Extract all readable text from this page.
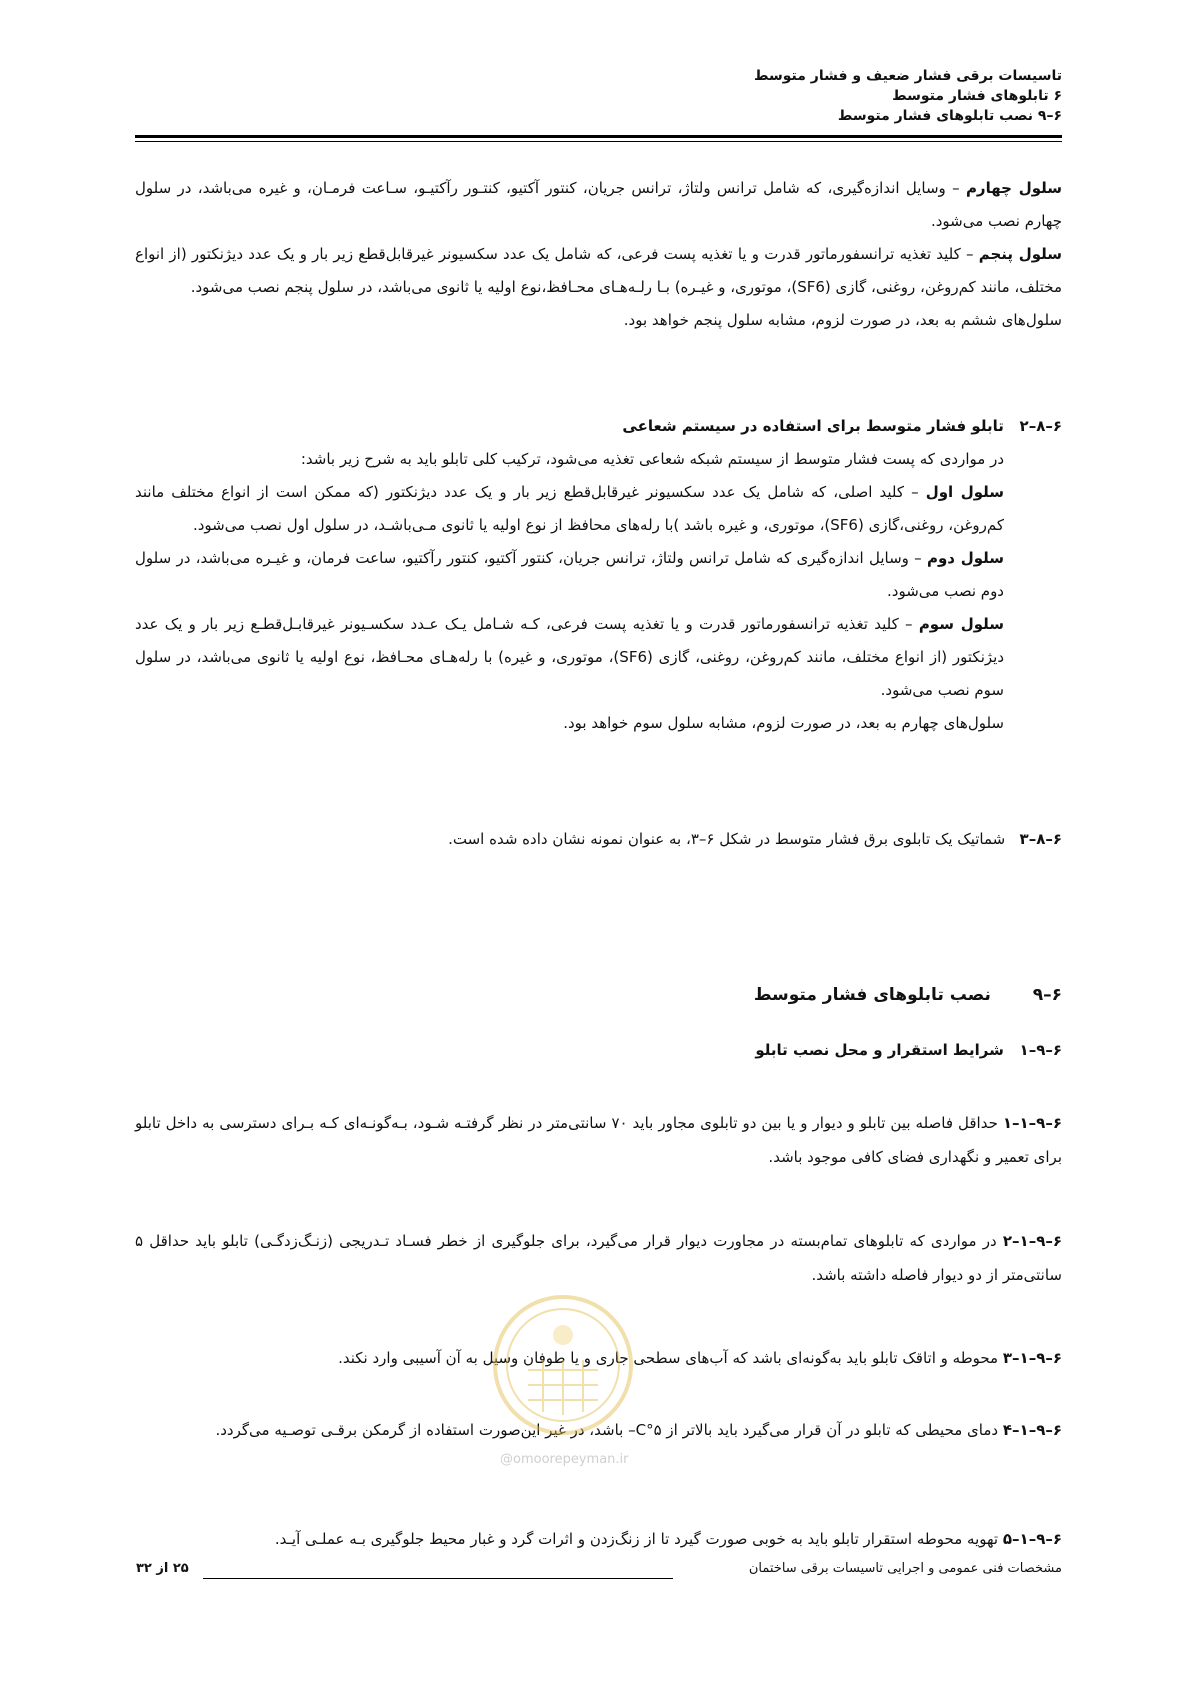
تاسیسات برقی فشار ضعیف و فشار متوسط
۶ تابلوهای فشار متوسط
۶–۹ نصب تابلوهای فشار متوسط
سلول چهارم – وسایل اندازه‌گیری، که شامل ترانس ولتاژ، ترانس جریان، کنتور آکتیو، کنتـور رآکتیـو، سـاعت فرمـان، و غیره می‌باشد، در سلول چهارم نصب می‌شود.
سلول پنجم – کلید تغذیه ترانسفورماتور قدرت و یا تغذیه پست فرعی، که شامل یک عدد سکسیونر غیرقابل‌قطع زیر بار و یک عدد دیژنکتور (از انواع مختلف، مانند کم‌روغن، روغنی، گازی (SF6)، موتوری، و غیـره) بـا رلـه‌هـای محـافظ،نوع اولیه یا ثانوی می‌باشد، در سلول پنجم نصب می‌شود.
سلول‌های ششم به بعد، در صورت لزوم، مشابه سلول پنجم خواهد بود.
۶–۸–۲   تابلو فشار متوسط برای استفاده در سیستم شعاعی
در مواردی که پست فشار متوسط از سیستم شبکه شعاعی تغذیه می‌شود، ترکیب کلی تابلو باید به شرح زیر باشد:
سلول اول – کلید اصلی، که شامل یک عدد سکسیونر غیرقابل‌قطع زیر بار و یک عدد دیژنکتور (که ممکن است از انواع مختلف مانند کم‌روغن، روغنی،گازی (SF6)، موتوری، و غیره باشد )با رله‌های محافظ از نوع اولیه یا ثانوی مـی‌باشـد، در سلول اول نصب می‌شود.
سلول دوم – وسایل اندازه‌گیری که شامل ترانس ولتاژ، ترانس جریان، کنتور آکتیو، کنتور رآکتیو، ساعت فرمان، و غیـره می‌باشد، در سلول دوم نصب می‌شود.
سلول سوم – کلید تغذیه ترانسفورماتور قدرت و یا تغذیه پست فرعی، کـه شـامل یـک عـدد سکسـیونر غیرقابـل‌قطـع زیر بار و یک عدد دیژنکتور (از انواع مختلف، مانند کم‌روغن، روغنی، گازی (SF6)، موتوری، و غیره) با رله‌هـای محـافظ، نوع اولیه یا ثانوی می‌باشد، در سلول سوم نصب می‌شود.
سلول‌های چهارم به بعد، در صورت لزوم، مشابه سلول سوم خواهد بود.
۶–۸–۳   شماتیک یک تابلوی برق فشار متوسط در شکل ۶–۳، به عنوان نمونه نشان داده شده است.
۶–۹  نصب تابلوهای فشار متوسط
۶–۹–۱   شرایط استقرار و محل نصب تابلو
۶–۹–۱–۱ حداقل فاصله بین تابلو و دیوار و یا بین دو تابلوی مجاور باید ۷۰ سانتی‌متر در نظر گرفتـه شـود، بـه‌گونـه‌ای کـه بـرای دسترسی به داخل تابلو برای تعمیر و نگهداری فضای کافی موجود باشد.
۶–۹–۱–۲ در مواردی که تابلوهای تمام‌بسته در مجاورت دیوار قرار می‌گیرد، برای جلوگیری از خطر فسـاد تـدریجی (زنـگ‌زدگـی) تابلو باید حداقل ۵ سانتی‌متر از دو دیوار فاصله داشته باشد.
۶–۹–۱–۳ محوطه و اتاقک تابلو باید به‌گونه‌ای باشد که آب‌های سطحی جاری و یا طوفان وسیل به آن آسیبی وارد نکند.
۶–۹–۱–۴ دمای محیطی که تابلو در آن قرار می‌گیرد باید بالاتر از ۵°C– باشد، در غیر این‌صورت استفاده از گرمکن برقـی توصـیه می‌گردد.
۶–۹–۱–۵ تهویه محوطه استقرار تابلو باید به خوبی صورت گیرد تا از زنگ‌زدن و اثرات گرد و غبار محیط جلوگیری بـه عملـی آیـد.
@omoorepeyman.ir
مشخصات فنی عمومی و اجرایی تاسیسات برقی ساختمان
۲۵ از ۳۲
